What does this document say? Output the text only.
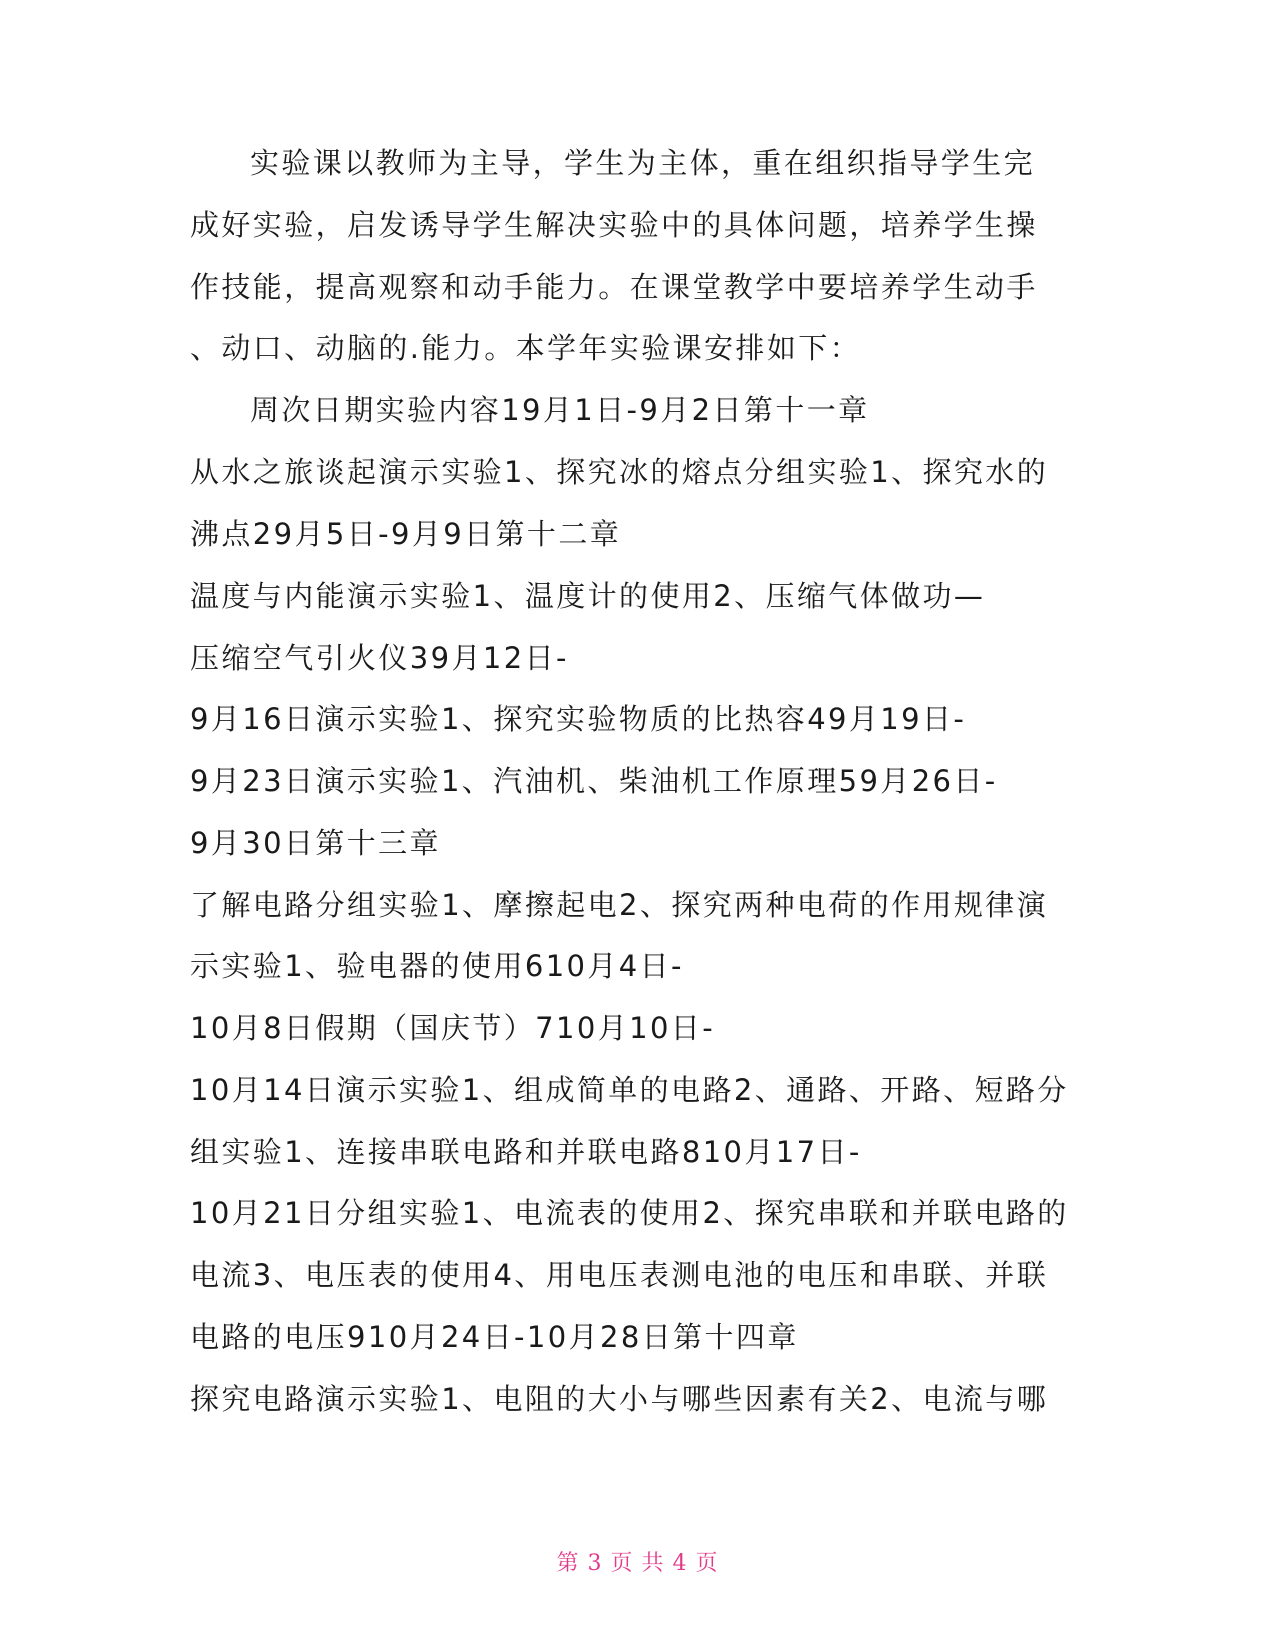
实验课以教师为主导，学生为主体，重在组织指导学生完
成好实验，启发诱导学生解决实验中的具体问题，培养学生操
作技能，提高观察和动手能力。在课堂教学中要培养学生动手
、动口、动脑的.能力。本学年实验课安排如下：
周次日期实验内容19月1日-9月2日第十一章
从水之旅谈起演示实验1、探究冰的熔点分组实验1、探究水的
沸点29月5日-9月9日第十二章
温度与内能演示实验1、温度计的使用2、压缩气体做功—
压缩空气引火仪39月12日-
9月16日演示实验1、探究实验物质的比热容49月19日-
9月23日演示实验1、汽油机、柴油机工作原理59月26日-
9月30日第十三章
了解电路分组实验1、摩擦起电2、探究两种电荷的作用规律演
示实验1、验电器的使用610月4日-
10月8日假期（国庆节）710月10日-
10月14日演示实验1、组成简单的电路2、通路、开路、短路分
组实验1、连接串联电路和并联电路810月17日-
10月21日分组实验1、电流表的使用2、探究串联和并联电路的
电流3、电压表的使用4、用电压表测电池的电压和串联、并联
电路的电压910月24日-10月28日第十四章
探究电路演示实验1、电阻的大小与哪些因素有关2、电流与哪
第 3 页 共 4 页
